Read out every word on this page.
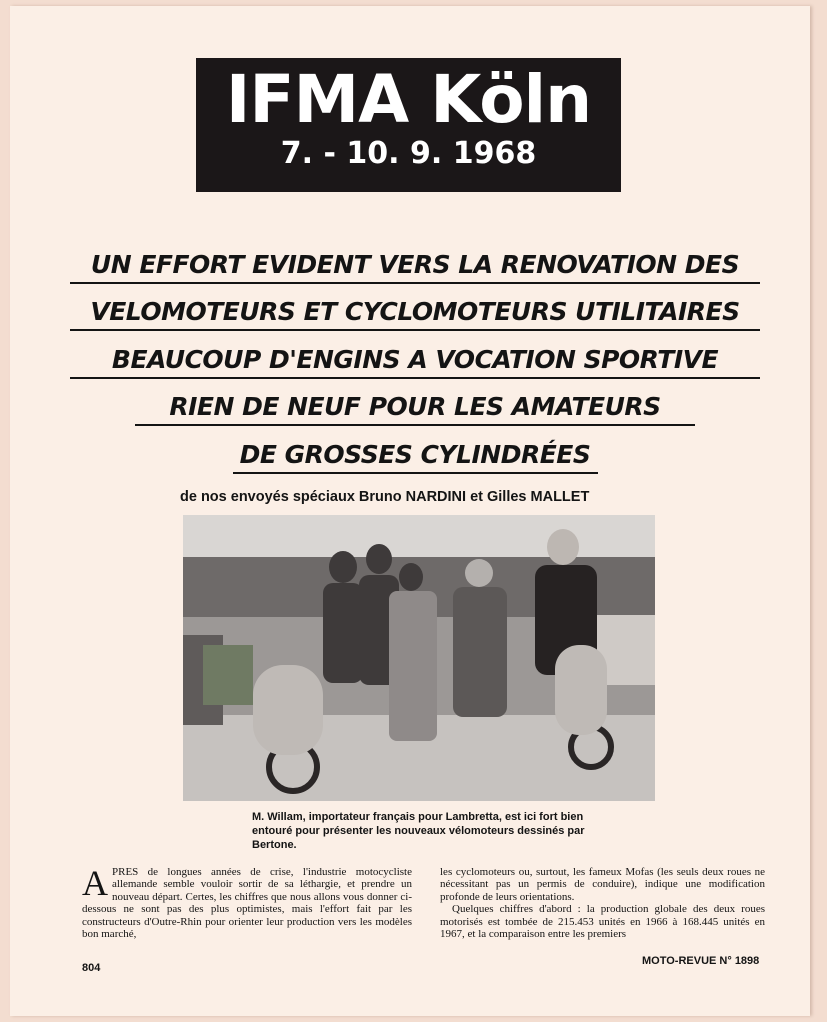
IFMA Köln
7. - 10. 9. 1968
UN EFFORT EVIDENT VERS LA RENOVATION DES
VELOMOTEURS ET CYCLOMOTEURS UTILITAIRES
BEAUCOUP D'ENGINS A VOCATION SPORTIVE
RIEN DE NEUF POUR LES AMATEURS
DE GROSSES CYLINDRÉES
de nos envoyés spéciaux Bruno NARDINI et Gilles MALLET
M. Willam, importateur français pour Lambretta, est ici fort bien entouré pour présenter les nouveaux vélomoteurs dessinés par Bertone.

APRES de longues années de crise, l'industrie motocycliste allemande semble vouloir sortir de sa léthargie, et prendre un nouveau départ. Certes, les chiffres que nous allons vous donner ci-dessous ne sont pas des plus optimistes, mais l'effort fait par les constructeurs d'Outre-Rhin pour orienter leur production vers les modèles bon marché,

les cyclomoteurs ou, surtout, les fameux Mofas (les seuls deux roues ne nécessitant pas un permis de conduire), indique une modification profonde de leurs orientations.

Quelques chiffres d'abord : la production globale des deux roues motorisés est tombée de 215.453 unités en 1966 à 168.445 unités en 1967, et la comparaison entre les premiers

804
MOTO-REVUE N° 1898
